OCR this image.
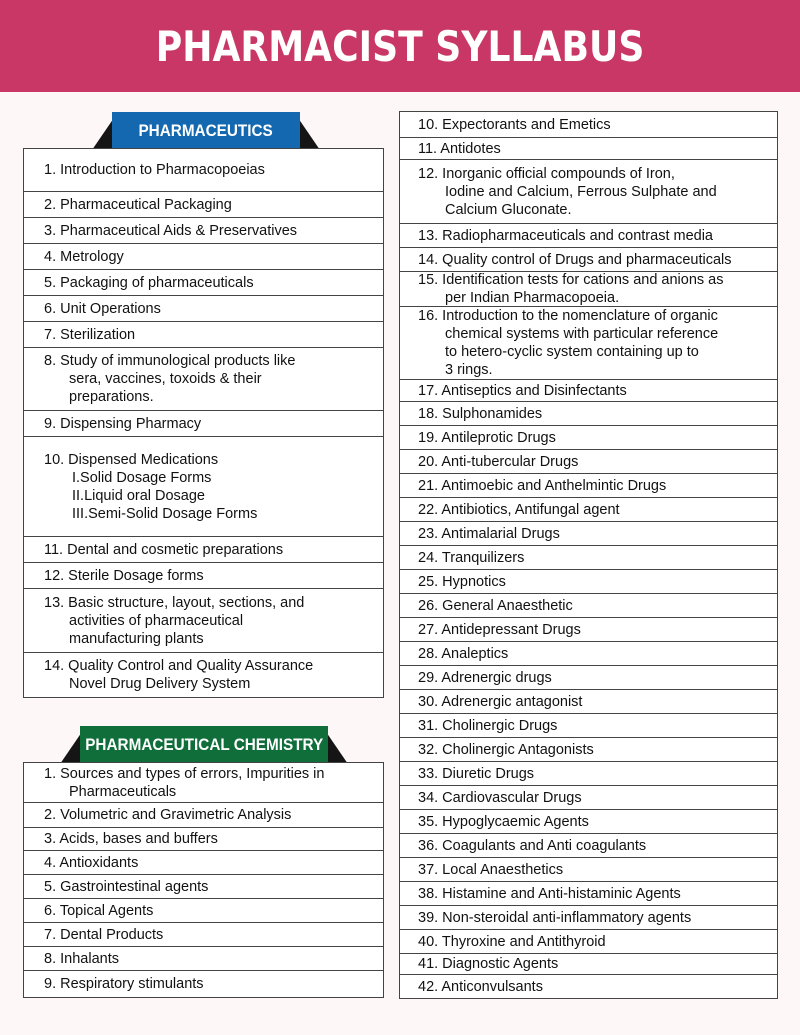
PHARMACIST SYLLABUS
PHARMACEUTICS
1. Introduction to Pharmacopoeias
2. Pharmaceutical Packaging
3. Pharmaceutical Aids & Preservatives
4. Metrology
5. Packaging of pharmaceuticals
6. Unit Operations
7. Sterilization
8. Study of immunological products like
sera, vaccines, toxoids & their
preparations.
9. Dispensing Pharmacy
10. Dispensed Medications
I.Solid Dosage Forms
II.Liquid oral Dosage
III.Semi-Solid Dosage Forms
11. Dental and cosmetic preparations
12. Sterile Dosage forms
13. Basic structure, layout, sections, and
activities of pharmaceutical
manufacturing plants
14. Quality Control and Quality Assurance
Novel Drug Delivery System
PHARMACEUTICAL CHEMISTRY
1. Sources and types of errors, Impurities in
Pharmaceuticals
2. Volumetric and Gravimetric Analysis
3. Acids, bases and buffers
4. Antioxidants
5. Gastrointestinal agents
6. Topical Agents
7. Dental Products
8. Inhalants
9. Respiratory stimulants
10. Expectorants and Emetics
11. Antidotes
12. Inorganic official compounds of Iron,
Iodine and Calcium, Ferrous Sulphate and
Calcium Gluconate.
13. Radiopharmaceuticals and contrast media
14. Quality control of Drugs and pharmaceuticals
15. Identification tests for cations and anions as
per Indian Pharmacopoeia.
16. Introduction to the nomenclature of organic
chemical systems with particular reference
to hetero-cyclic system containing up to
3 rings.
17. Antiseptics and Disinfectants
18. Sulphonamides
19. Antileprotic Drugs
20. Anti-tubercular Drugs
21. Antimoebic and Anthelmintic Drugs
22. Antibiotics, Antifungal agent
23. Antimalarial Drugs
24. Tranquilizers
25. Hypnotics
26. General Anaesthetic
27. Antidepressant Drugs
28. Analeptics
29. Adrenergic drugs
30. Adrenergic antagonist
31. Cholinergic Drugs
32. Cholinergic Antagonists
33. Diuretic Drugs
34. Cardiovascular Drugs
35. Hypoglycaemic Agents
36. Coagulants and Anti coagulants
37. Local Anaesthetics
38. Histamine and Anti-histaminic Agents
39. Non-steroidal anti-inflammatory agents
40. Thyroxine and Antithyroid
41. Diagnostic Agents
42. Anticonvulsants
